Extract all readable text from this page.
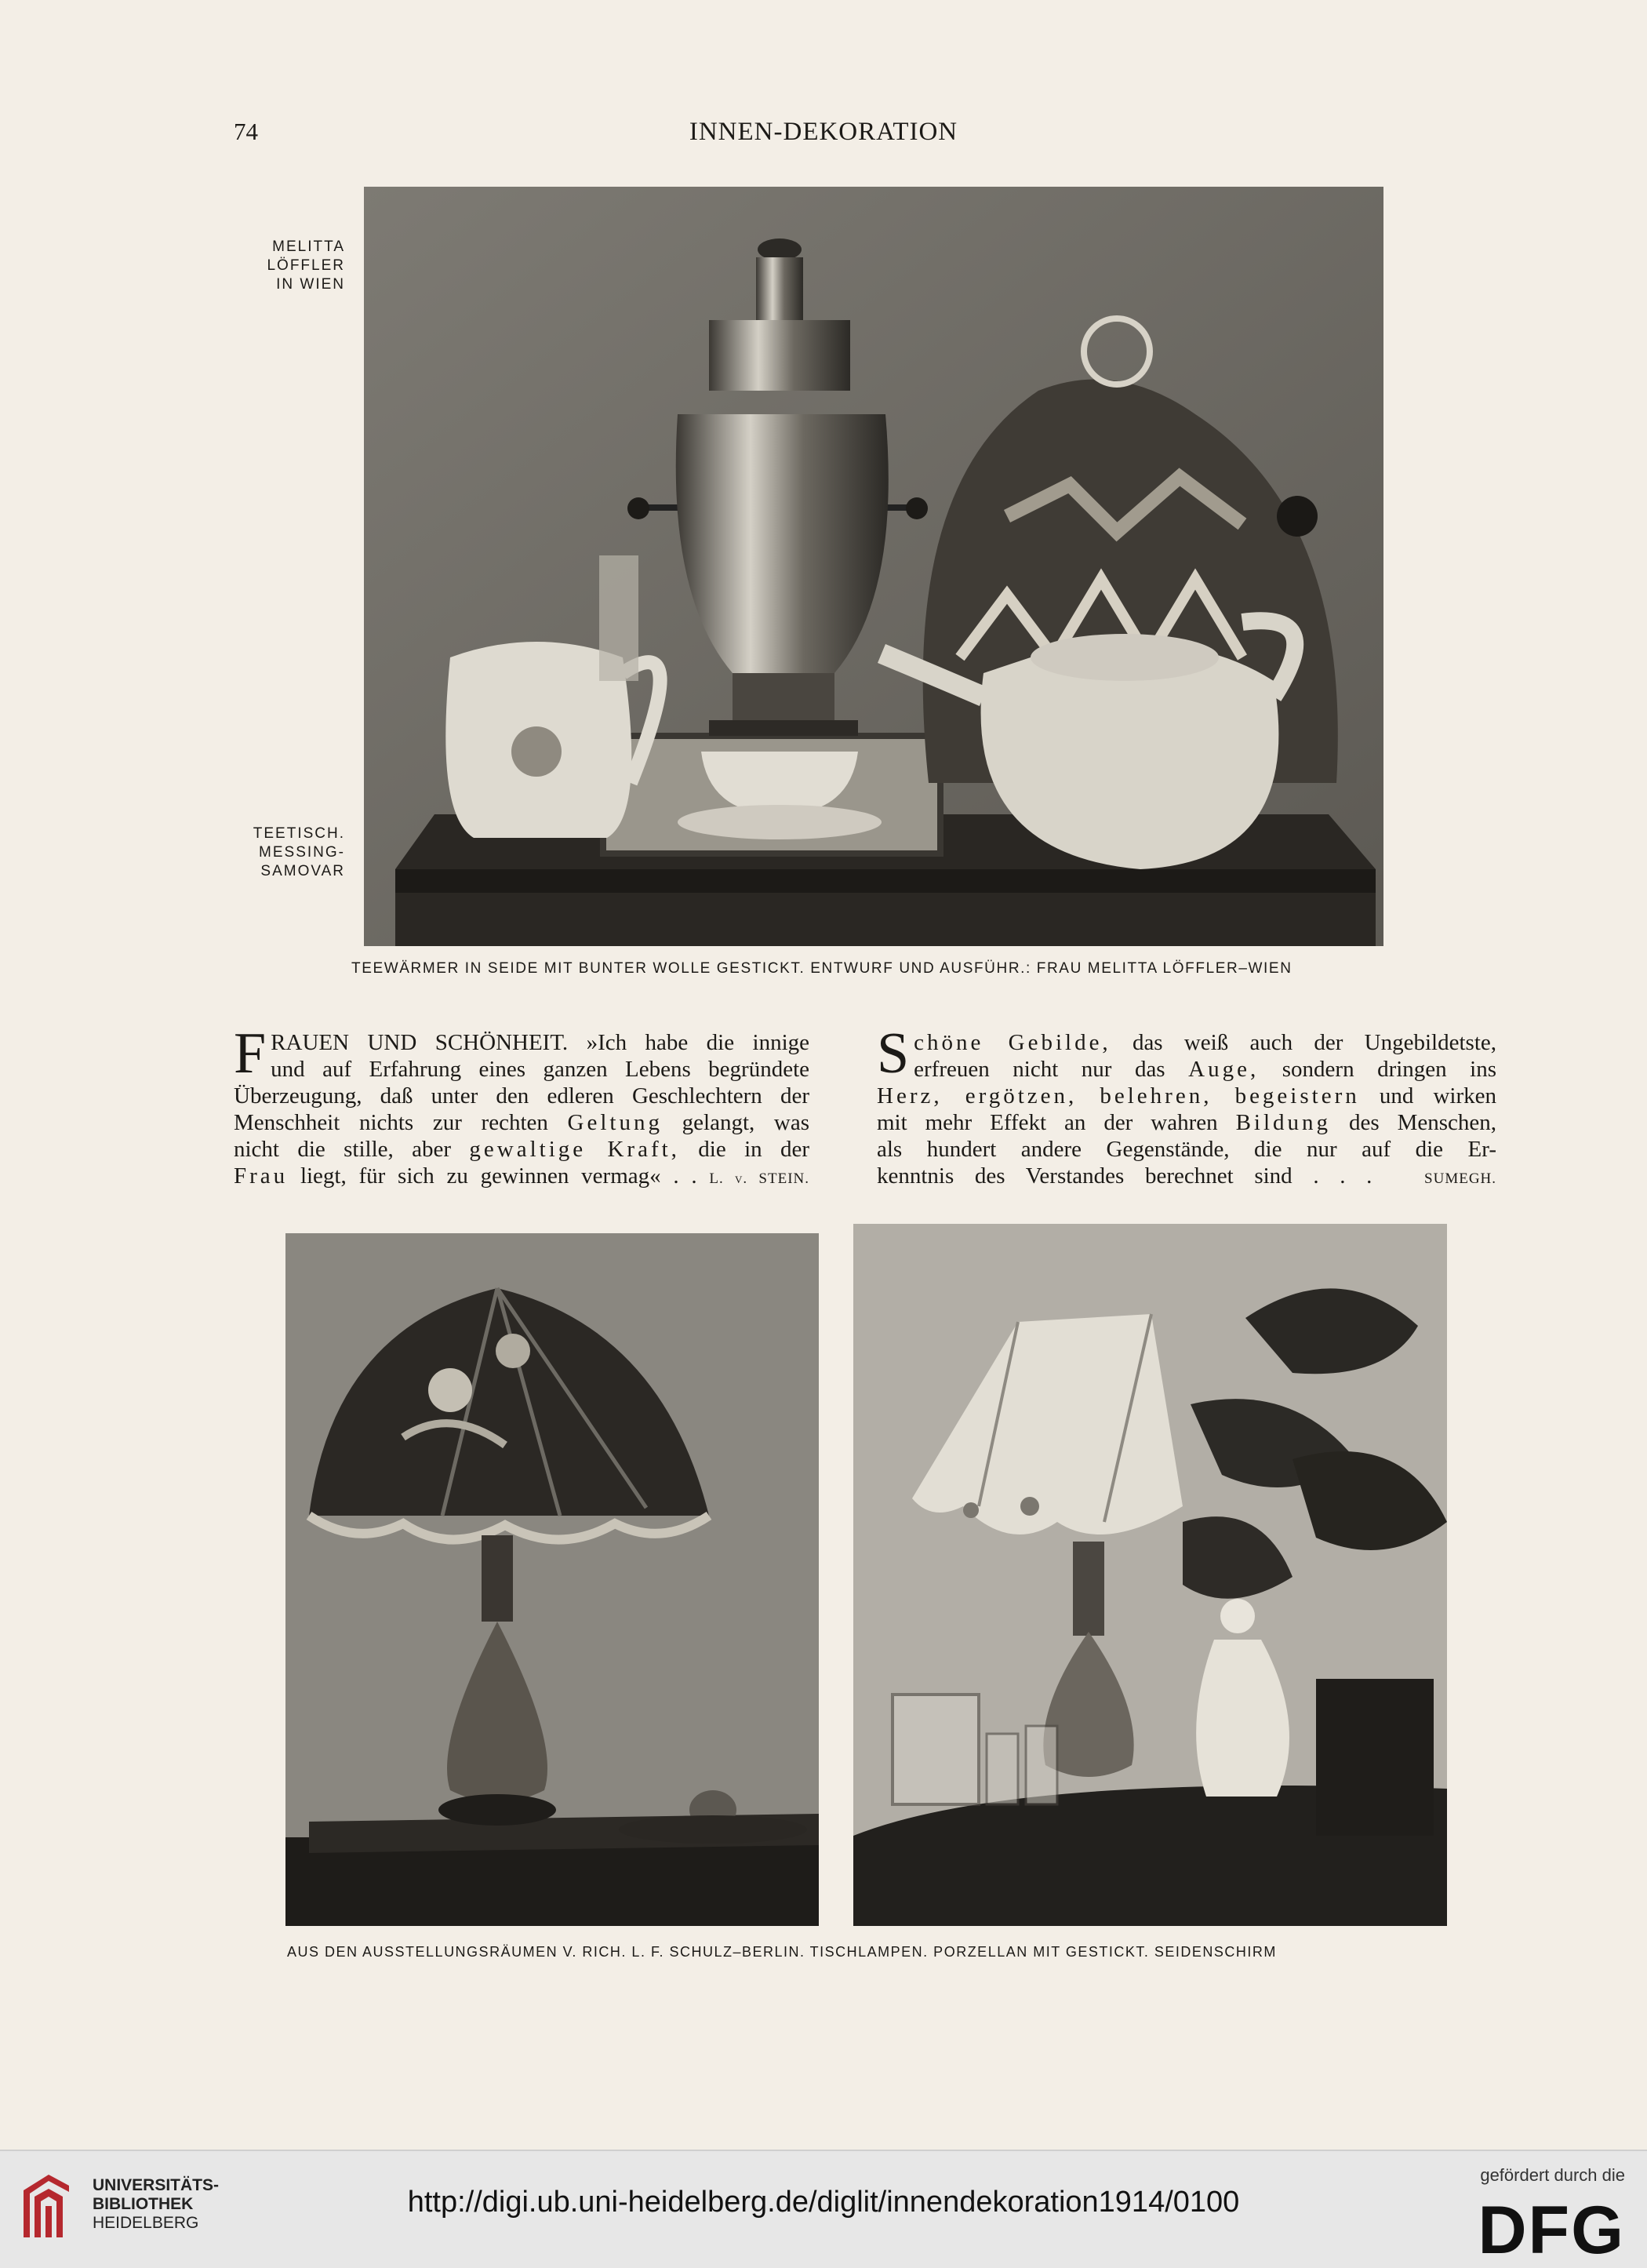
74	INNEN-DEKORATION
MELITTA
LÖFFLER
IN WIEN
TEETISCH.
MESSING-
SAMOVAR
TEEWÄRMER IN SEIDE MIT BUNTER WOLLE GESTICKT. ENTWURF UND AUSFÜHR.: FRAU MELITTA LÖFFLER–WIEN
F RAUEN UND SCHÖNHEIT. »Ich habe die innige
und auf Erfahrung eines ganzen Lebens begründete
Überzeugung, daß unter den edleren Geschlechtern der
Menschheit nichts zur rechten Geltung gelangt, was
nicht die stille, aber gewaltige Kraft, die in der
Frau liegt, für sich zu gewinnen vermag« . . L. v. STEIN.
S chöne Gebilde, das weiß auch der Ungebildetste,
erfreuen nicht nur das Auge, sondern dringen ins
Herz, ergötzen, belehren, begeistern und wirken
mit mehr Effekt an der wahren Bildung des Menschen,
als hundert andere Gegenstände, die nur auf die Er-
kenntnis des Verstandes berechnet sind . . .	SUMEGH.
AUS DEN AUSSTELLUNGSRÄUMEN V. RICH. L. F. SCHULZ–BERLIN. TISCHLAMPEN. PORZELLAN MIT GESTICKT. SEIDENSCHIRM
UNIVERSITÄTS-
BIBLIOTHEK
HEIDELBERG
http://digi.ub.uni-heidelberg.de/diglit/innendekoration1914/0100
gefördert durch die
DFG
